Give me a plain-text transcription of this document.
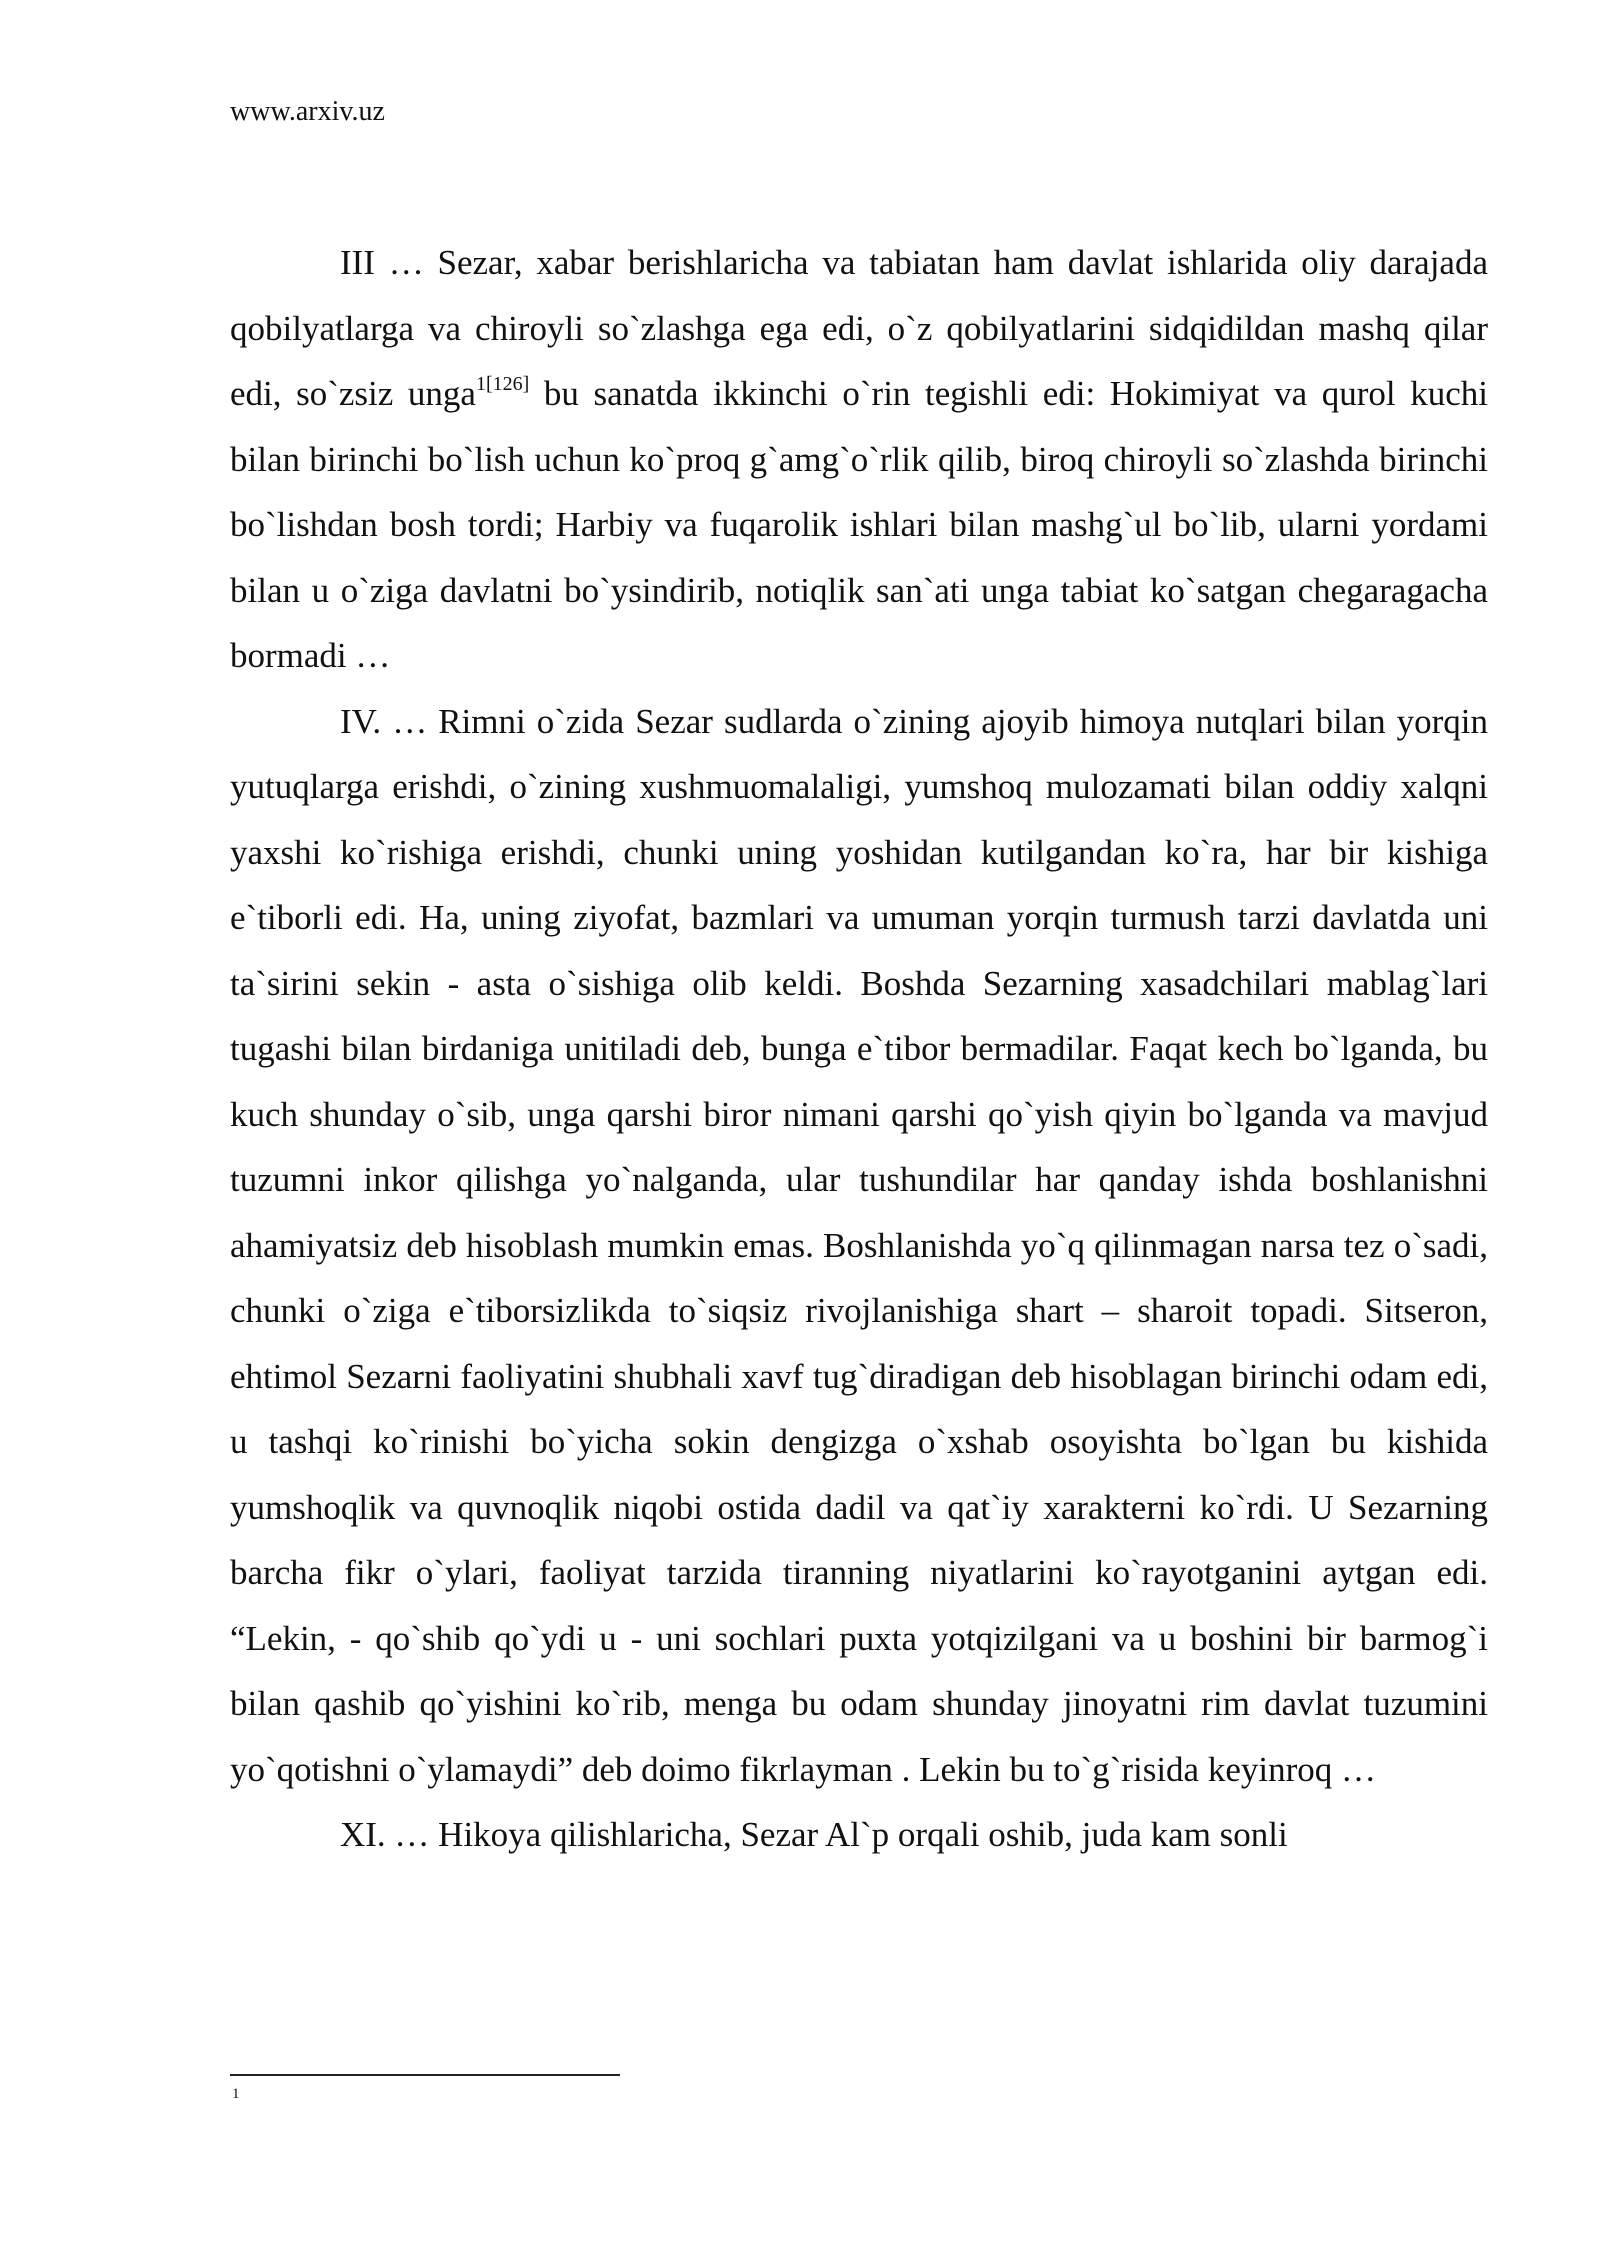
www.arxiv.uz

III … Sezar, xabar berishlaricha va tabiatan ham davlat ishlarida oliy darajada qobilyatlarga va chiroyli so`zlashga ega edi, o`z qobilyatlarini sidqidildan mashq qilar edi, so`zsiz unga$^{1[126]}$ bu sanatda ikkinchi o`rin tegishli edi: Hokimiyat va qurol kuchi bilan birinchi bo`lish uchun ko`proq g`amg`o`rlik qilib, biroq chiroyli so`zlashda birinchi bo`lishdan bosh tordi; Harbiy va fuqarolik ishlari bilan mashg`ul bo`lib, ularni yordami bilan u o`ziga davlatni bo`ysindirib, notiqlik san`ati unga tabiat ko`satgan chegaragacha bormadi …

IV. … Rimni o`zida Sezar sudlarda o`zining ajoyib himoya nutqlari bilan yorqin yutuqlarga erishdi, o`zining xushmuomalaligi, yumshoq mulozamati bilan oddiy xalqni yaxshi ko`rishiga erishdi, chunki uning yoshidan kutilgandan ko`ra, har bir kishiga e`tiborli edi. Ha, uning ziyofat, bazmlari va umuman yorqin turmush tarzi davlatda uni ta`sirini sekin - asta o`sishiga olib keldi. Boshda Sezarning xasadchilari mablag`lari tugashi bilan birdaniga unitiladi deb, bunga e`tibor bermadilar. Faqat kech bo`lganda, bu kuch shunday o`sib, unga qarshi biror nimani qarshi qo`yish qiyin bo`lganda va mavjud tuzumni inkor qilishga yo`nalganda, ular tushundilar har qanday ishda boshlanishni ahamiyatsiz deb hisoblash mumkin emas. Boshlanishda yo`q qilinmagan narsa tez o`sadi, chunki o`ziga e`tiborsizlikda to`siqsiz rivojlanishiga shart – sharoit topadi. Sitseron, ehtimol Sezarni faoliyatini shubhali xavf tug`diradigan deb hisoblagan birinchi odam edi, u tashqi ko`rinishi bo`yicha sokin dengizga o`xshab osoyishta bo`lgan bu kishida yumshoqlik va quvnoqlik niqobi ostida dadil va qat`iy xarakterni ko`rdi. U Sezarning barcha fikr o`ylari, faoliyat tarzida tiranning niyatlarini ko`rayotganini aytgan edi. “Lekin, - qo`shib qo`ydi u - uni sochlari puxta yotqizilgani va u boshini bir barmog`i bilan qashib qo`yishini ko`rib, menga bu odam shunday jinoyatni rim davlat tuzumini yo`qotishni o`ylamaydi” deb doimo fikrlayman . Lekin bu to`g`risida keyinroq …

XI. … Hikoya qilishlaricha, Sezar Al`p orqali oshib, juda kam sonli

1
